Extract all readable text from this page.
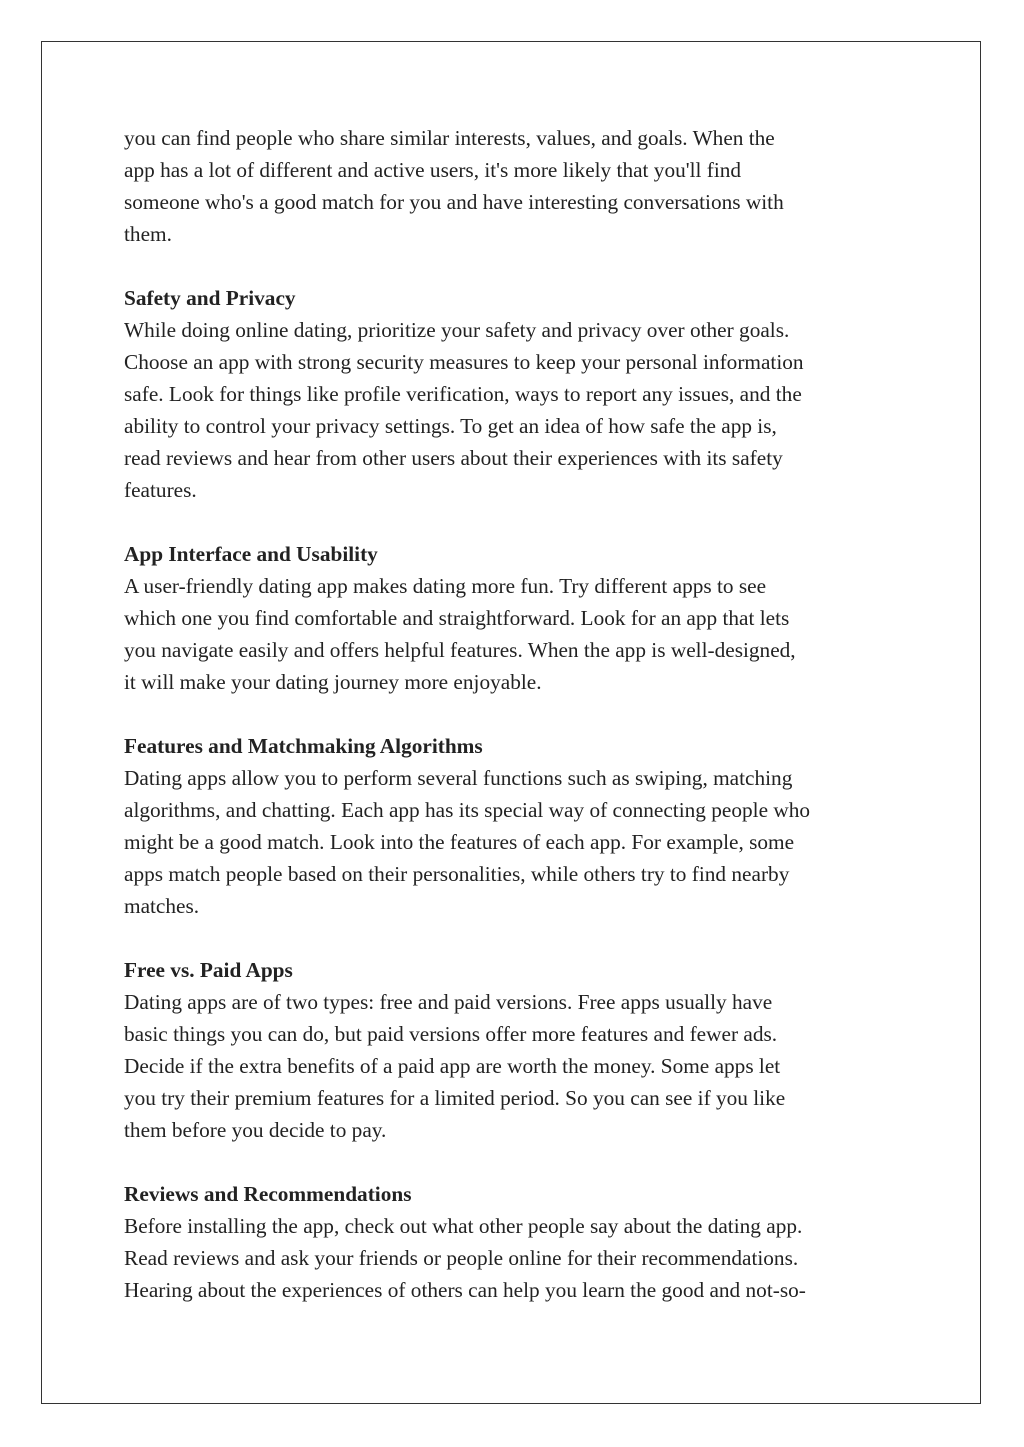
you can find people who share similar interests, values, and goals. When the
app has a lot of different and active users, it's more likely that you'll find
someone who's a good match for you and have interesting conversations with
them.
Safety and Privacy
While doing online dating, prioritize your safety and privacy over other goals.
Choose an app with strong security measures to keep your personal information
safe. Look for things like profile verification, ways to report any issues, and the
ability to control your privacy settings. To get an idea of how safe the app is,
read reviews and hear from other users about their experiences with its safety
features.
App Interface and Usability
A user-friendly dating app makes dating more fun. Try different apps to see
which one you find comfortable and straightforward. Look for an app that lets
you navigate easily and offers helpful features. When the app is well-designed,
it will make your dating journey more enjoyable.
Features and Matchmaking Algorithms
Dating apps allow you to perform several functions such as swiping, matching
algorithms, and chatting. Each app has its special way of connecting people who
might be a good match. Look into the features of each app. For example, some
apps match people based on their personalities, while others try to find nearby
matches.
Free vs. Paid Apps
Dating apps are of two types: free and paid versions. Free apps usually have
basic things you can do, but paid versions offer more features and fewer ads.
Decide if the extra benefits of a paid app are worth the money. Some apps let
you try their premium features for a limited period. So you can see if you like
them before you decide to pay.
Reviews and Recommendations
Before installing the app, check out what other people say about the dating app.
Read reviews and ask your friends or people online for their recommendations.
Hearing about the experiences of others can help you learn the good and not-so-
